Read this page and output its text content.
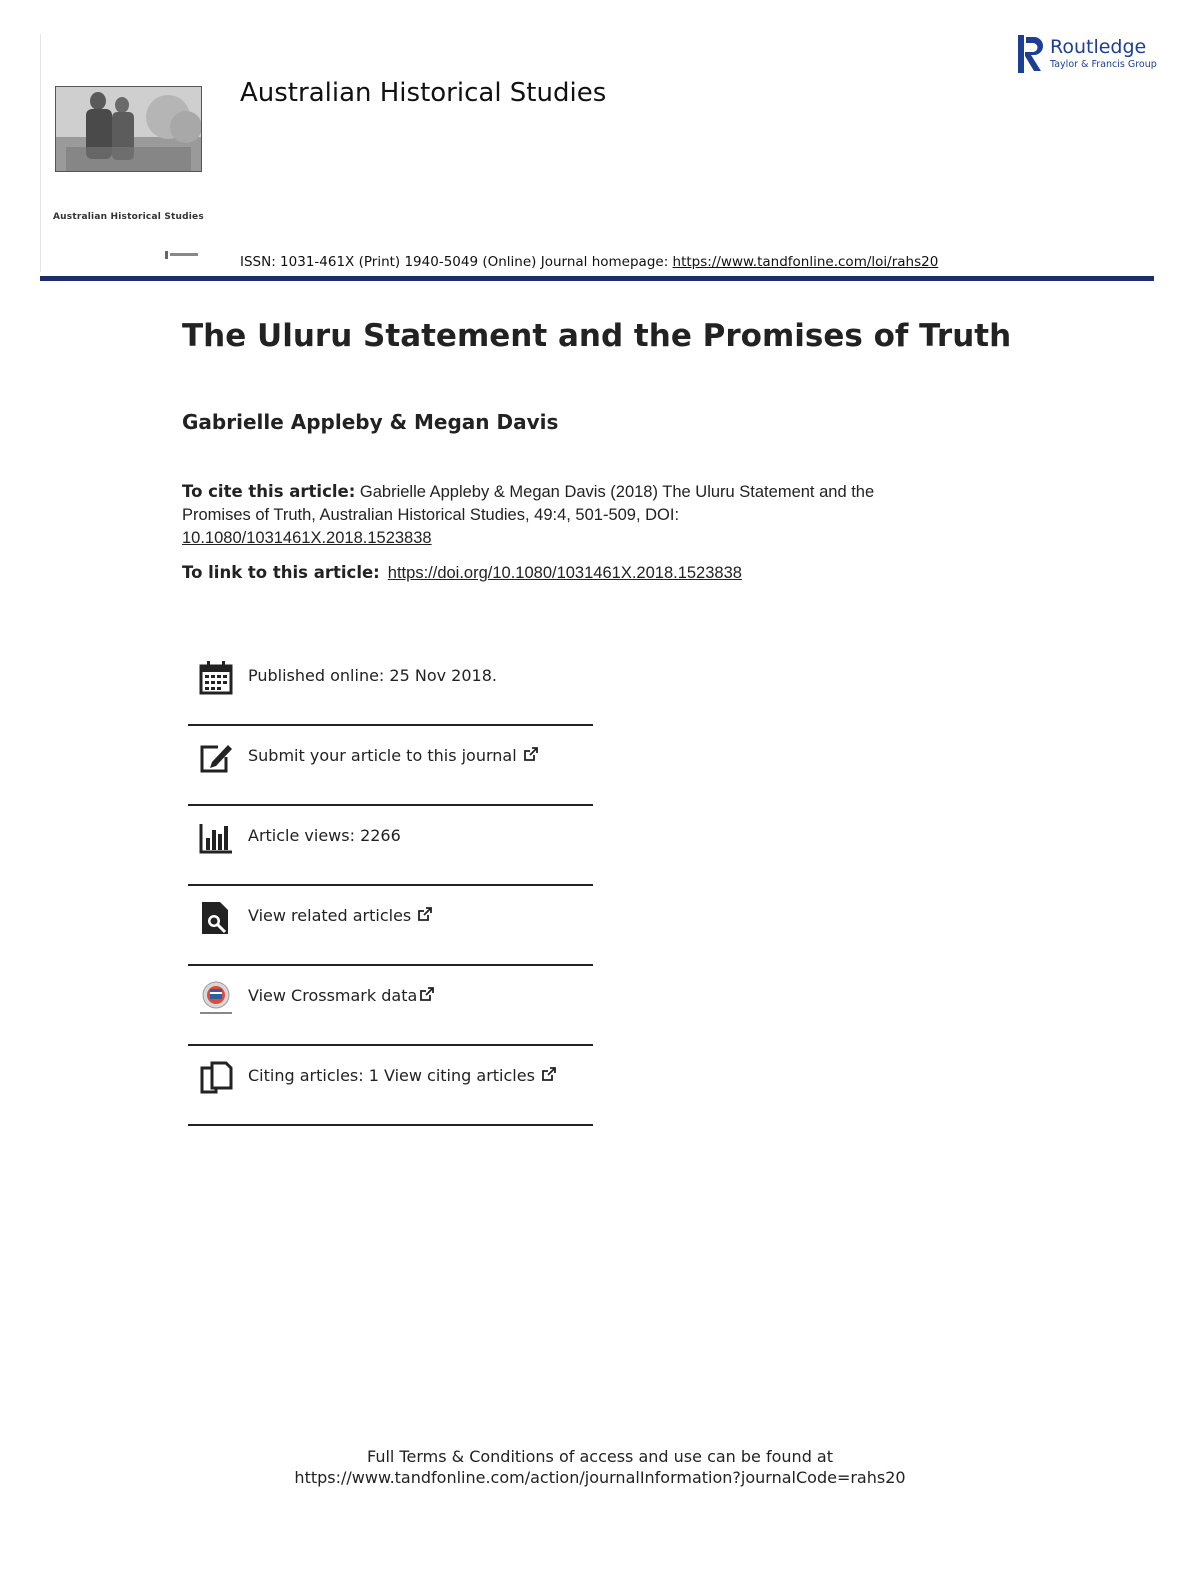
Australian Historical Studies
Australian Historical Studies
ISSN: 1031-461X (Print) 1940-5049 (Online) Journal homepage: https://www.tandfonline.com/loi/rahs20
Routledge
Taylor & Francis Group
The Uluru Statement and the Promises of Truth
Gabrielle Appleby & Megan Davis
To cite this article: Gabrielle Appleby & Megan Davis (2018) The Uluru Statement and the Promises of Truth, Australian Historical Studies, 49:4, 501-509, DOI: 10.1080/1031461X.2018.1523838
To link to this article: https://doi.org/10.1080/1031461X.2018.1523838
Published online: 25 Nov 2018.
Submit your article to this journal
Article views: 2266
View related articles
View Crossmark data
Citing articles: 1 View citing articles
Full Terms & Conditions of access and use can be found at
https://www.tandfonline.com/action/journalInformation?journalCode=rahs20
